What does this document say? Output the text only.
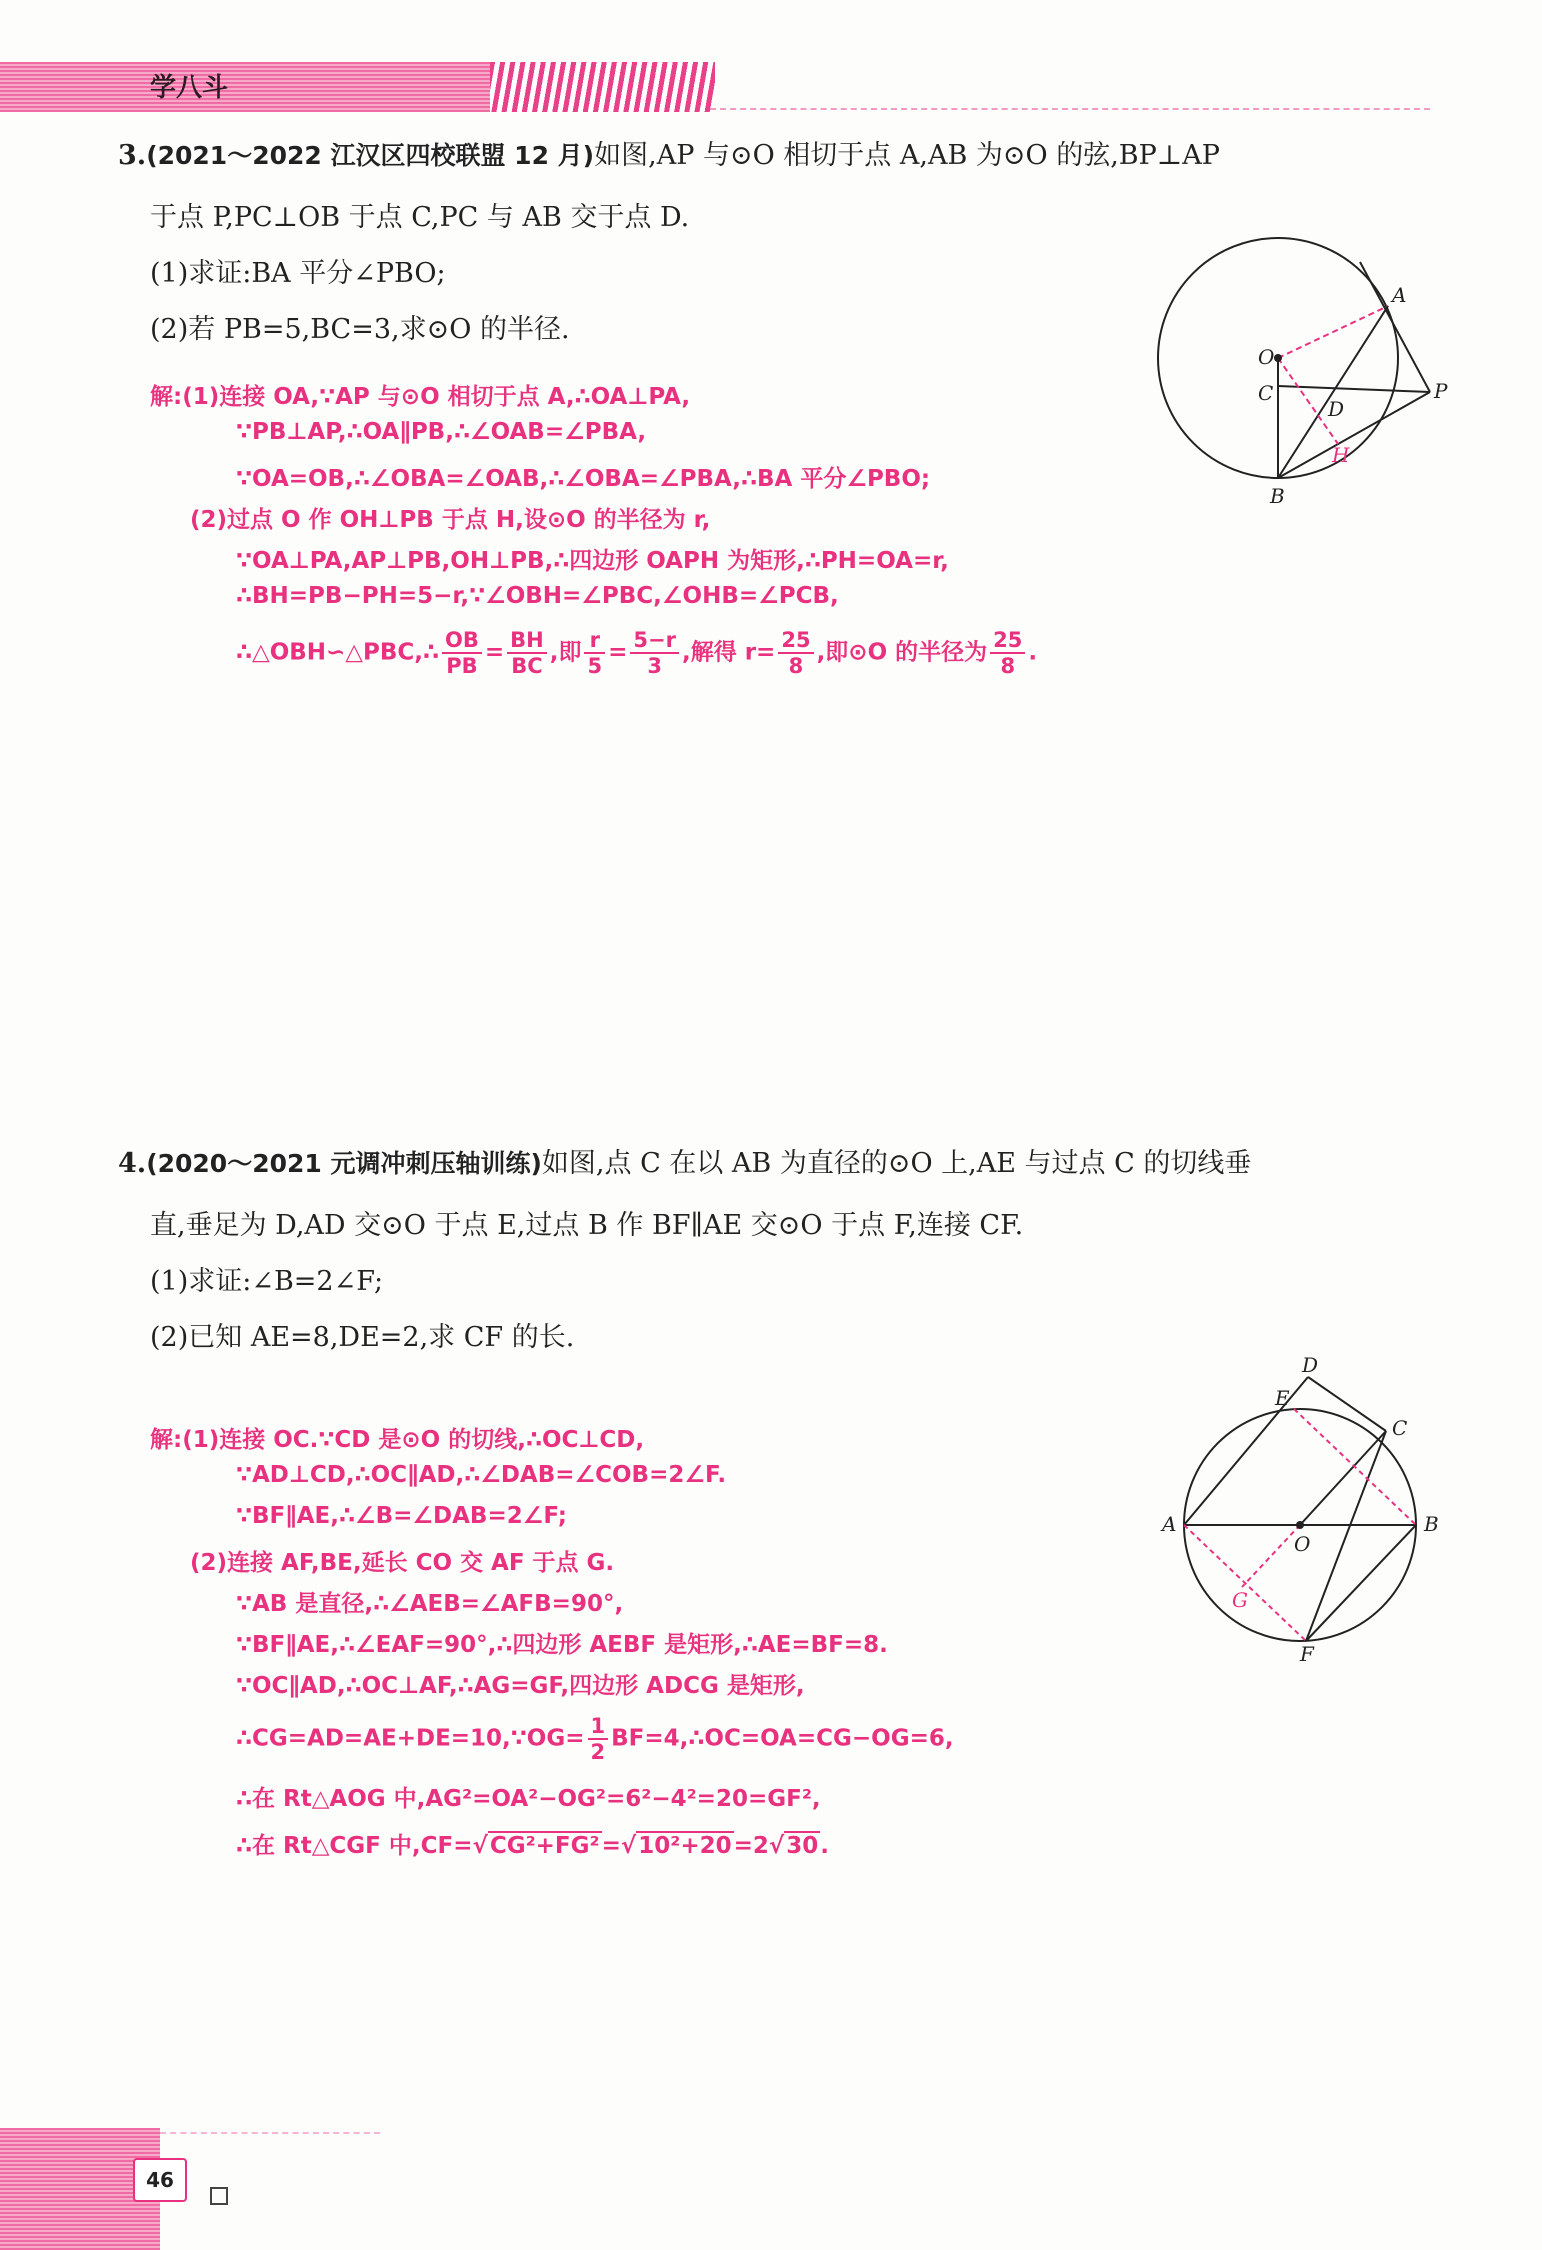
学八斗
3.(2021～2022 江汉区四校联盟 12 月)如图,AP 与⊙O 相切于点 A,AB 为⊙O 的弦,BP⊥AP
于点 P,PC⊥OB 于点 C,PC 与 AB 交于点 D.
(1)求证:BA 平分∠PBO;
(2)若 PB=5,BC=3,求⊙O 的半径.
解:(1)连接 OA,∵AP 与⊙O 相切于点 A,∴OA⊥PA,
∵PB⊥AP,∴OA∥PB,∴∠OAB=∠PBA,
∵OA=OB,∴∠OBA=∠OAB,∴∠OBA=∠PBA,∴BA 平分∠PBO;
(2)过点 O 作 OH⊥PB 于点 H,设⊙O 的半径为 r,
∵OA⊥PA,AP⊥PB,OH⊥PB,∴四边形 OAPH 为矩形,∴PH=OA=r,
∴BH=PB−PH=5−r,∵∠OBH=∠PBC,∠OHB=∠PCB,
∴△OBH∽△PBC,∴ $\frac{OB}{PB} = \frac{BH}{BC}$ ,即 $\frac{r}{5} = \frac{5-r}{3}$ ,解得 $r= \frac{25}{8}$ ,即⊙O 的半径为 $\frac{25}{8}$ .
A
O
C
D
P
H
B
4.(2020～2021 元调冲刺压轴训练)如图,点 C 在以 AB 为直径的⊙O 上,AE 与过点 C 的切线垂
直,垂足为 D,AD 交⊙O 于点 E,过点 B 作 BF∥AE 交⊙O 于点 F,连接 CF.
(1)求证:∠B=2∠F;
(2)已知 AE=8,DE=2,求 CF 的长.
解:(1)连接 OC.∵CD 是⊙O 的切线,∴OC⊥CD,
∵AD⊥CD,∴OC∥AD,∴∠DAB=∠COB=2∠F.
∵BF∥AE,∴∠B=∠DAB=2∠F;
(2)连接 AF,BE,延长 CO 交 AF 于点 G.
∵AB 是直径,∴∠AEB=∠AFB=90°,
∵BF∥AE,∴∠EAF=90°,∴四边形 AEBF 是矩形,∴AE=BF=8.
∵OC∥AD,∴OC⊥AF,∴AG=GF,四边形 ADCG 是矩形,
∴CG=AD=AE+DE=10,∵OG= $\frac{1}{2}$ BF=4,∴OC=OA=CG−OG=6,
∴在 Rt△AOG 中,AG²=OA²−OG²=6²−4²=20=GF²,
∴在 Rt△CGF 中,CF=√CG²+FG²=√10²+20=2√30.
D
E
C
A
O
B
G
F
46
